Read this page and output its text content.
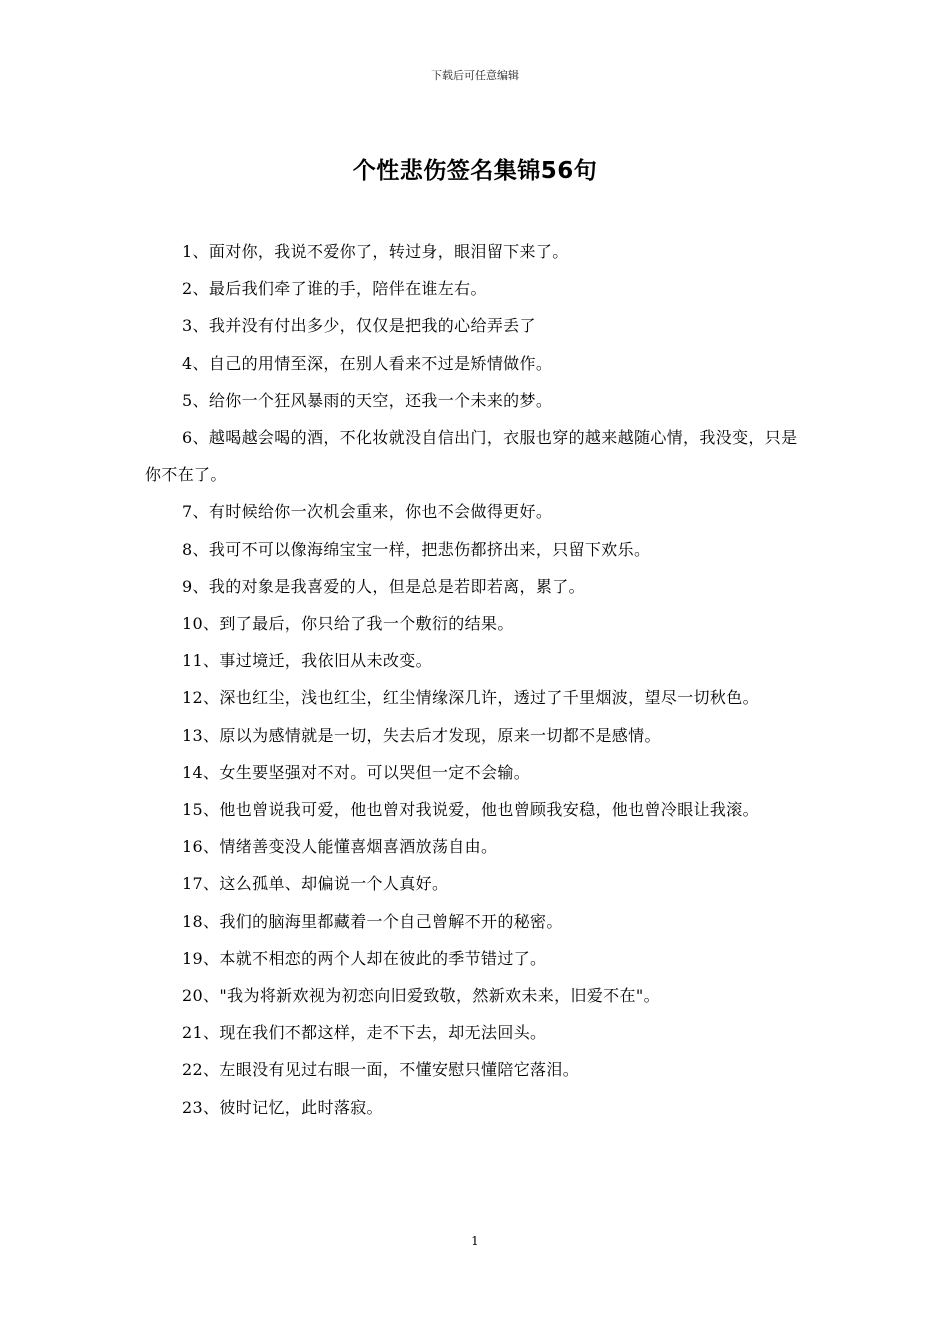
下载后可任意编辑
个性悲伤签名集锦56句

1、面对你，我说不爱你了，转过身，眼泪留下来了。

2、最后我们牵了谁的手，陪伴在谁左右。

3、我并没有付出多少，仅仅是把我的心给弄丢了

4、自己的用情至深，在别人看来不过是矫情做作。

5、给你一个狂风暴雨的天空，还我一个未来的梦。

6、越喝越会喝的酒，不化妆就没自信出门，衣服也穿的越来越随心情，我没变，只是你不在了。

7、有时候给你一次机会重来，你也不会做得更好。

8、我可不可以像海绵宝宝一样，把悲伤都挤出来，只留下欢乐。

9、我的对象是我喜爱的人，但是总是若即若离，累了。

10、到了最后，你只给了我一个敷衍的结果。

11、事过境迁，我依旧从未改变。

12、深也红尘，浅也红尘，红尘情缘深几许，透过了千里烟波，望尽一切秋色。

13、原以为感情就是一切，失去后才发现，原来一切都不是感情。

14、女生要坚强对不对。可以哭但一定不会输。

15、他也曾说我可爱，他也曾对我说爱，他也曾顾我安稳，他也曾冷眼让我滚。

16、情绪善变没人能懂喜烟喜酒放荡自由。

17、这么孤单、却偏说一个人真好。

18、我们的脑海里都藏着一个自己曾解不开的秘密。

19、本就不相恋的两个人却在彼此的季节错过了。

20、"我为将新欢视为初恋向旧爱致敬，然新欢未来，旧爱不在"。

21、现在我们不都这样，走不下去，却无法回头。

22、左眼没有见过右眼一面，不懂安慰只懂陪它落泪。

23、彼时记忆，此时落寂。

1
